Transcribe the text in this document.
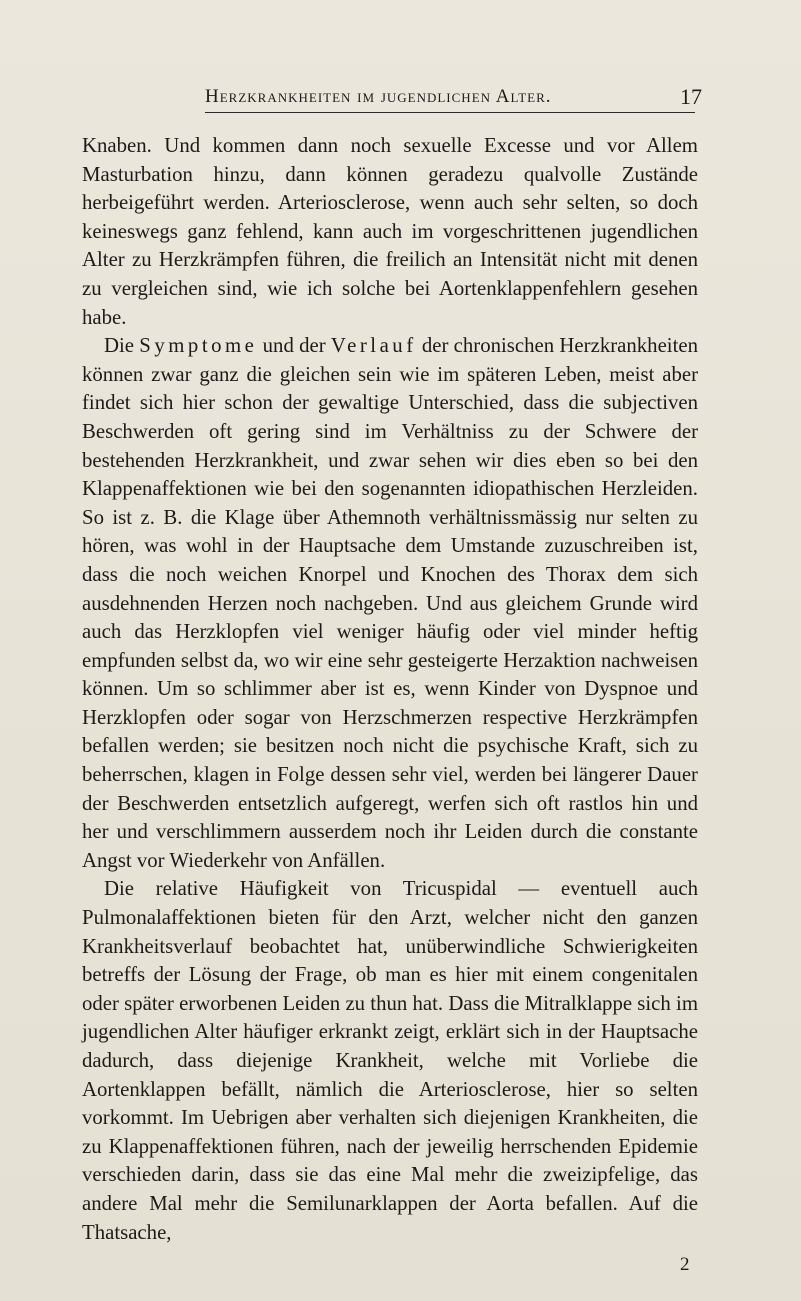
Herzkrankheiten im jugendlichen Alter.	17

Knaben. Und kommen dann noch sexuelle Excesse und vor Allem Masturbation hinzu, dann können geradezu qualvolle Zustände herbeigeführt werden. Arteriosclerose, wenn auch sehr selten, so doch keineswegs ganz fehlend, kann auch im vorgeschrittenen jugendlichen Alter zu Herzkrämpfen führen, die freilich an Intensität nicht mit denen zu vergleichen sind, wie ich solche bei Aortenklappenfehlern gesehen habe.

Die Symptome und der Verlauf der chronischen Herzkrankheiten können zwar ganz die gleichen sein wie im späteren Leben, meist aber findet sich hier schon der gewaltige Unterschied, dass die subjectiven Beschwerden oft gering sind im Verhältniss zu der Schwere der bestehenden Herzkrankheit, und zwar sehen wir dies eben so bei den Klappenaffektionen wie bei den sogenannten idiopathischen Herzleiden. So ist z. B. die Klage über Athemnoth verhältnissmässig nur selten zu hören, was wohl in der Hauptsache dem Umstande zuzuschreiben ist, dass die noch weichen Knorpel und Knochen des Thorax dem sich ausdehnenden Herzen noch nachgeben. Und aus gleichem Grunde wird auch das Herzklopfen viel weniger häufig oder viel minder heftig empfunden selbst da, wo wir eine sehr gesteigerte Herzaktion nachweisen können. Um so schlimmer aber ist es, wenn Kinder von Dyspnoe und Herzklopfen oder sogar von Herzschmerzen respective Herzkrämpfen befallen werden; sie besitzen noch nicht die psychische Kraft, sich zu beherrschen, klagen in Folge dessen sehr viel, werden bei längerer Dauer der Beschwerden entsetzlich aufgeregt, werfen sich oft rastlos hin und her und verschlimmern ausserdem noch ihr Leiden durch die constante Angst vor Wiederkehr von Anfällen.

Die relative Häufigkeit von Tricuspidal — eventuell auch Pulmonalaffektionen bieten für den Arzt, welcher nicht den ganzen Krankheitsverlauf beobachtet hat, unüberwindliche Schwierigkeiten betreffs der Lösung der Frage, ob man es hier mit einem congenitalen oder später erworbenen Leiden zu thun hat. Dass die Mitralklappe sich im jugendlichen Alter häufiger erkrankt zeigt, erklärt sich in der Hauptsache dadurch, dass diejenige Krankheit, welche mit Vorliebe die Aortenklappen befällt, nämlich die Arteriosclerose, hier so selten vorkommt. Im Uebrigen aber verhalten sich diejenigen Krankheiten, die zu Klappenaffektionen führen, nach der jeweilig herrschenden Epidemie verschieden darin, dass sie das eine Mal mehr die zweizipfelige, das andere Mal mehr die Semilunarklappen der Aorta befallen. Auf die Thatsache,

2
